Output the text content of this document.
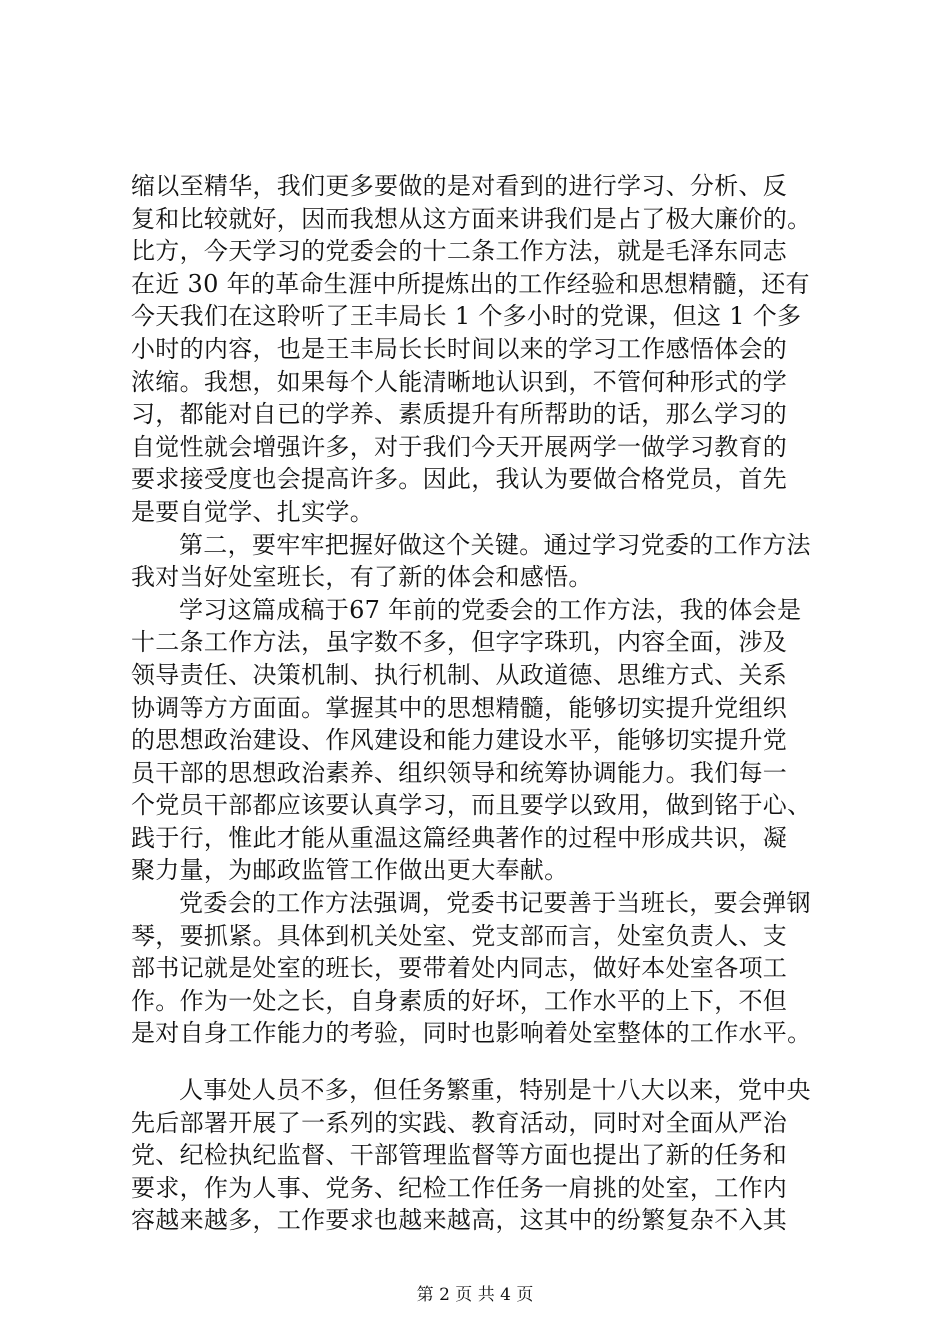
缩以至精华，我们更多要做的是对看到的进行学习、分析、反
复和比较就好，因而我想从这方面来讲我们是占了极大廉价的。
比方，今天学习的党委会的十二条工作方法，就是毛泽东同志
在近 30 年的革命生涯中所提炼出的工作经验和思想精髓，还有
今天我们在这聆听了王丰局长 1 个多小时的党课，但这 1 个多
小时的内容，也是王丰局长长时间以来的学习工作感悟体会的
浓缩。我想，如果每个人能清晰地认识到，不管何种形式的学
习，都能对自已的学养、素质提升有所帮助的话，那么学习的
自觉性就会增强许多，对于我们今天开展两学一做学习教育的
要求接受度也会提高许多。因此，我认为要做合格党员，首先
是要自觉学、扎实学。
第二，要牢牢把握好做这个关键。通过学习党委的工作方法
我对当好处室班长，有了新的体会和感悟。
学习这篇成稿于67 年前的党委会的工作方法，我的体会是
十二条工作方法，虽字数不多，但字字珠玑，内容全面，涉及
领导责任、决策机制、执行机制、从政道德、思维方式、关系
协调等方方面面。掌握其中的思想精髓，能够切实提升党组织
的思想政治建设、作风建设和能力建设水平，能够切实提升党
员干部的思想政治素养、组织领导和统筹协调能力。我们每一
个党员干部都应该要认真学习，而且要学以致用，做到铭于心、
践于行，惟此才能从重温这篇经典著作的过程中形成共识，凝
聚力量，为邮政监管工作做出更大奉献。
党委会的工作方法强调，党委书记要善于当班长，要会弹钢
琴，要抓紧。具体到机关处室、党支部而言，处室负责人、支
部书记就是处室的班长，要带着处内同志，做好本处室各项工
作。作为一处之长，自身素质的好坏，工作水平的上下，不但
是对自身工作能力的考验，同时也影响着处室整体的工作水平。
人事处人员不多，但任务繁重，特别是十八大以来，党中央
先后部署开展了一系列的实践、教育活动，同时对全面从严治
党、纪检执纪监督、干部管理监督等方面也提出了新的任务和
要求，作为人事、党务、纪检工作任务一肩挑的处室，工作内
容越来越多，工作要求也越来越高，这其中的纷繁复杂不入其
第 2 页 共 4 页
